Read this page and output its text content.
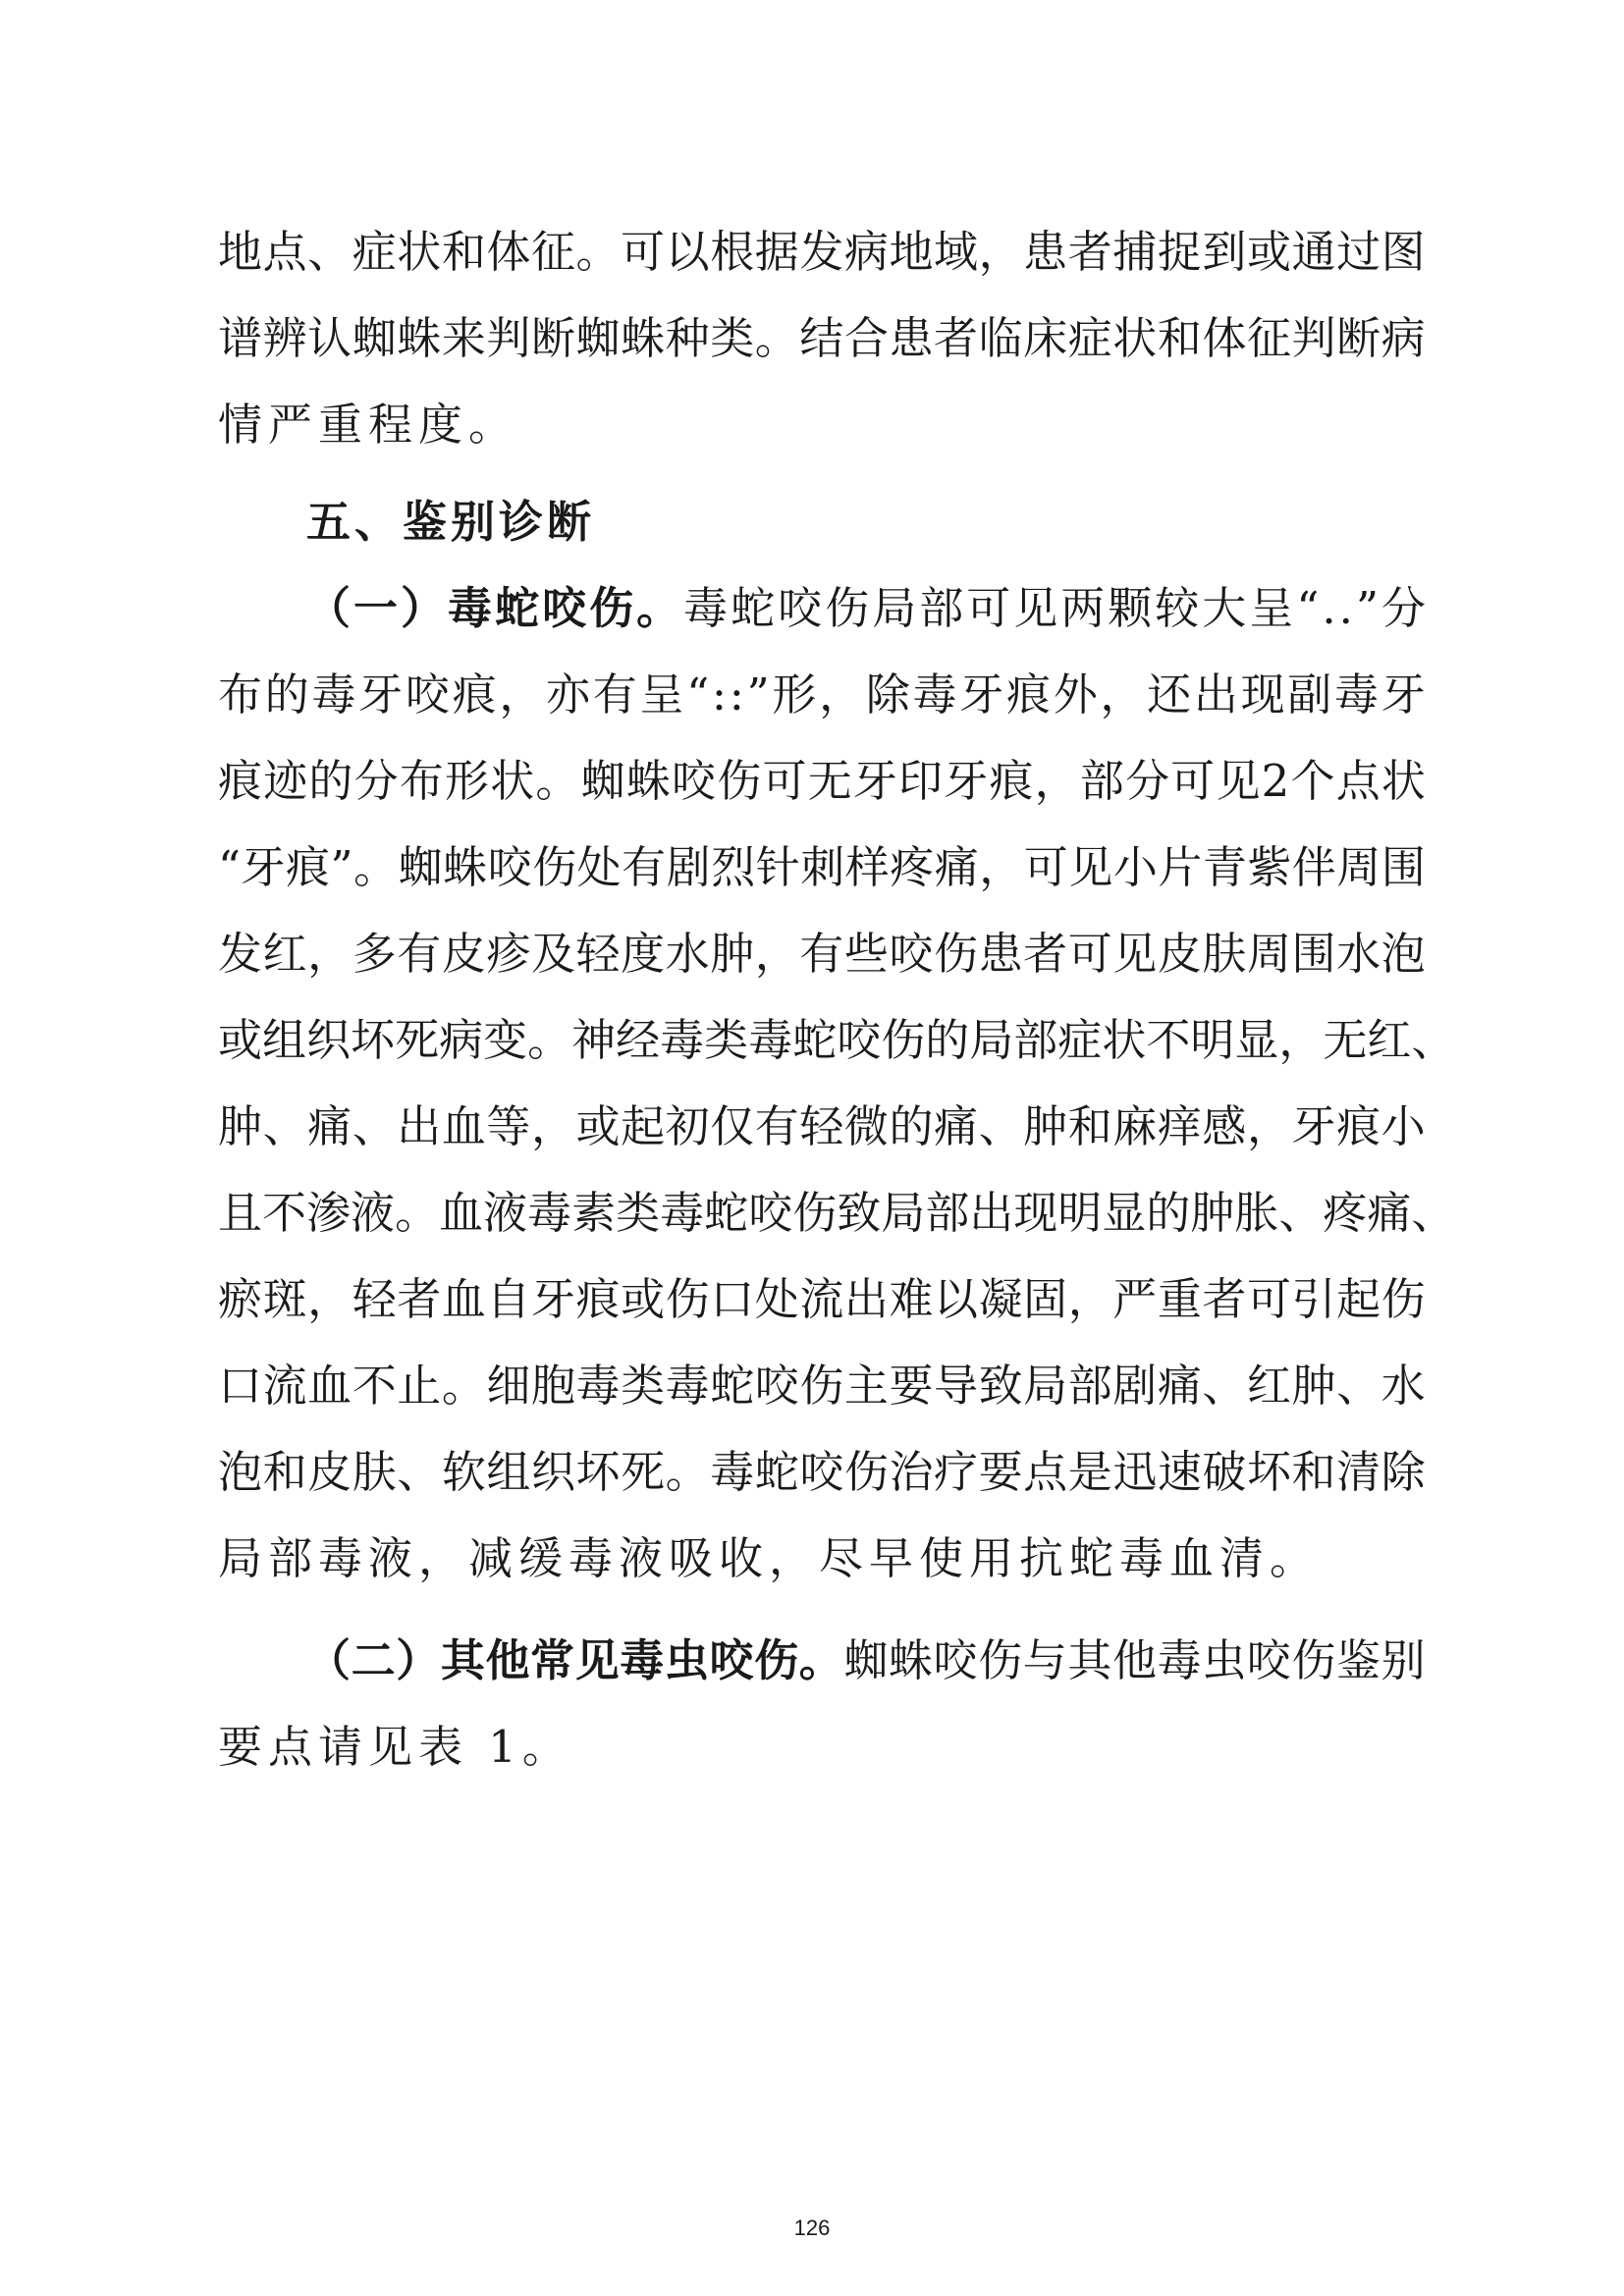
地 点 、 症 状 和 体 征 。 可 以 根 据 发 病 地 域 ， 患 者 捕 捉 到 或 通 过 图
谱 辨 认 蜘 蛛 来 判 断 蜘 蛛 种 类 。 结 合 患 者 临 床 症 状 和 体 征 判 断 病
情严重程度。
五、鉴别诊断
（ 一 ） 毒 蛇 咬 伤 。 毒 蛇 咬 伤 局 部 可 见 两 颗 较 大 呈 “ . . ” 分
布 的 毒 牙 咬 痕 ， 亦 有 呈 “ : : ” 形 ， 除 毒 牙 痕 外 ， 还 出 现 副 毒 牙
痕 迹 的 分 布 形 状 。 蜘 蛛 咬 伤 可 无 牙 印 牙 痕 ， 部 分 可 见 2 个 点 状
“ 牙 痕 ” 。 蜘 蛛 咬 伤 处 有 剧 烈 针 刺 样 疼 痛 ， 可 见 小 片 青 紫 伴 周 围
发 红 ， 多 有 皮 疹 及 轻 度 水 肿 ， 有 些 咬 伤 患 者 可 见 皮 肤 周 围 水 泡
或 组 织 坏 死 病 变 。 神 经 毒 类 毒 蛇 咬 伤 的 局 部 症 状 不 明 显 ， 无 红 、
肿 、 痛 、 出 血 等 ， 或 起 初 仅 有 轻 微 的 痛 、 肿 和 麻 痒 感 ， 牙 痕 小
且 不 渗 液 。 血 液 毒 素 类 毒 蛇 咬 伤 致 局 部 出 现 明 显 的 肿 胀 、 疼 痛 、
瘀 斑 ， 轻 者 血 自 牙 痕 或 伤 口 处 流 出 难 以 凝 固 ， 严 重 者 可 引 起 伤
口 流 血 不 止 。 细 胞 毒 类 毒 蛇 咬 伤 主 要 导 致 局 部 剧 痛 、 红 肿 、 水
泡 和 皮 肤 、 软 组 织 坏 死 。 毒 蛇 咬 伤 治 疗 要 点 是 迅 速 破 坏 和 清 除
局部毒液，减缓毒液吸收，尽早使用抗蛇毒血清。
（ 二 ） 其 他 常 见 毒 虫 咬 伤 。 蜘 蛛 咬 伤 与 其 他 毒 虫 咬 伤 鉴 别
要点请见表 1。
126
